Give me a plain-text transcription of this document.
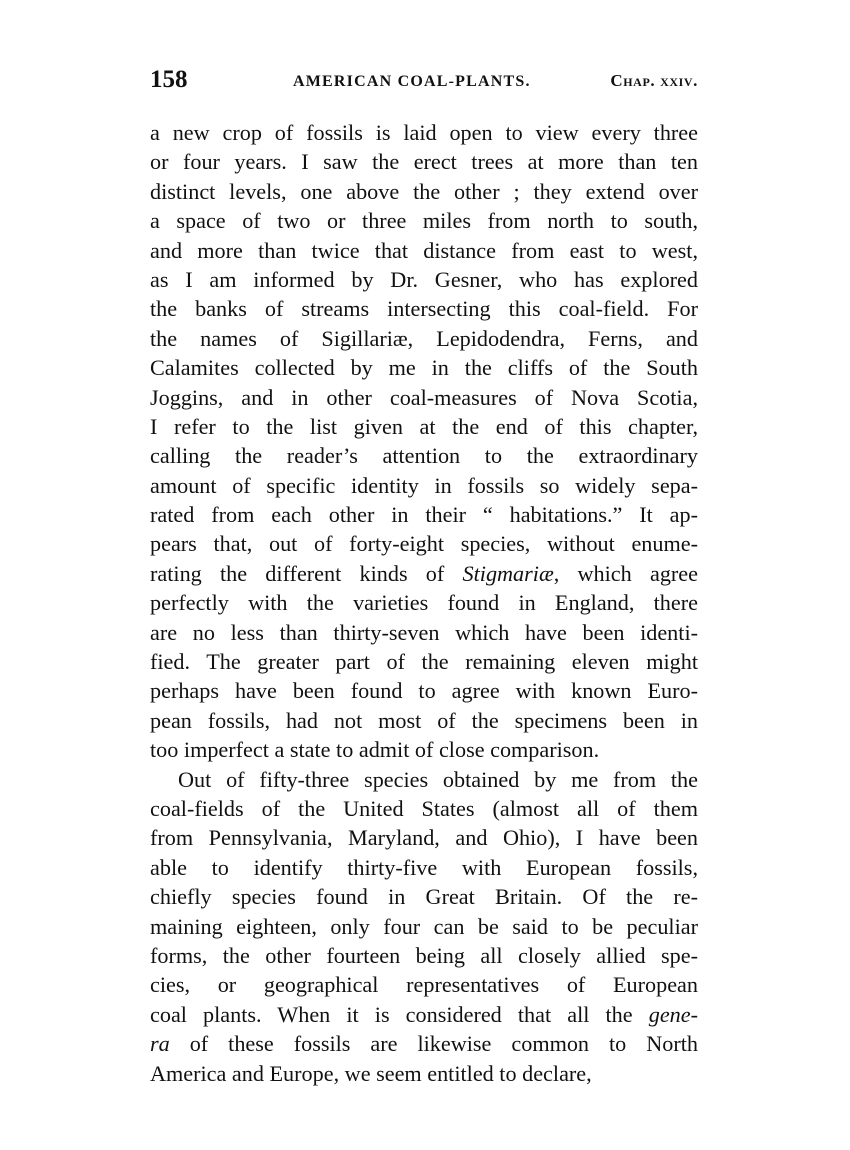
158	AMERICAN COAL-PLANTS.	Chap. xxiv.
a new crop of fossils is laid open to view every three
or four years. I saw the erect trees at more than ten
distinct levels, one above the other ; they extend over
a space of two or three miles from north to south,
and more than twice that distance from east to west,
as I am informed by Dr. Gesner, who has explored
the banks of streams intersecting this coal-field. For
the names of Sigillariæ, Lepidodendra, Ferns, and
Calamites collected by me in the cliffs of the South
Joggins, and in other coal-measures of Nova Scotia,
I refer to the list given at the end of this chapter,
calling the reader’s attention to the extraordinary
amount of specific identity in fossils so widely sepa-
rated from each other in their “ habitations.” It ap-
pears that, out of forty-eight species, without enume-
rating the different kinds of Stigmariæ, which agree
perfectly with the varieties found in England, there
are no less than thirty-seven which have been identi-
fied. The greater part of the remaining eleven might
perhaps have been found to agree with known Euro-
pean fossils, had not most of the specimens been in
too imperfect a state to admit of close comparison.
Out of fifty-three species obtained by me from the
coal-fields of the United States (almost all of them
from Pennsylvania, Maryland, and Ohio), I have been
able to identify thirty-five with European fossils,
chiefly species found in Great Britain. Of the re-
maining eighteen, only four can be said to be peculiar
forms, the other fourteen being all closely allied spe-
cies, or geographical representatives of European
coal plants. When it is considered that all the gene-
ra of these fossils are likewise common to North
America and Europe, we seem entitled to declare,
